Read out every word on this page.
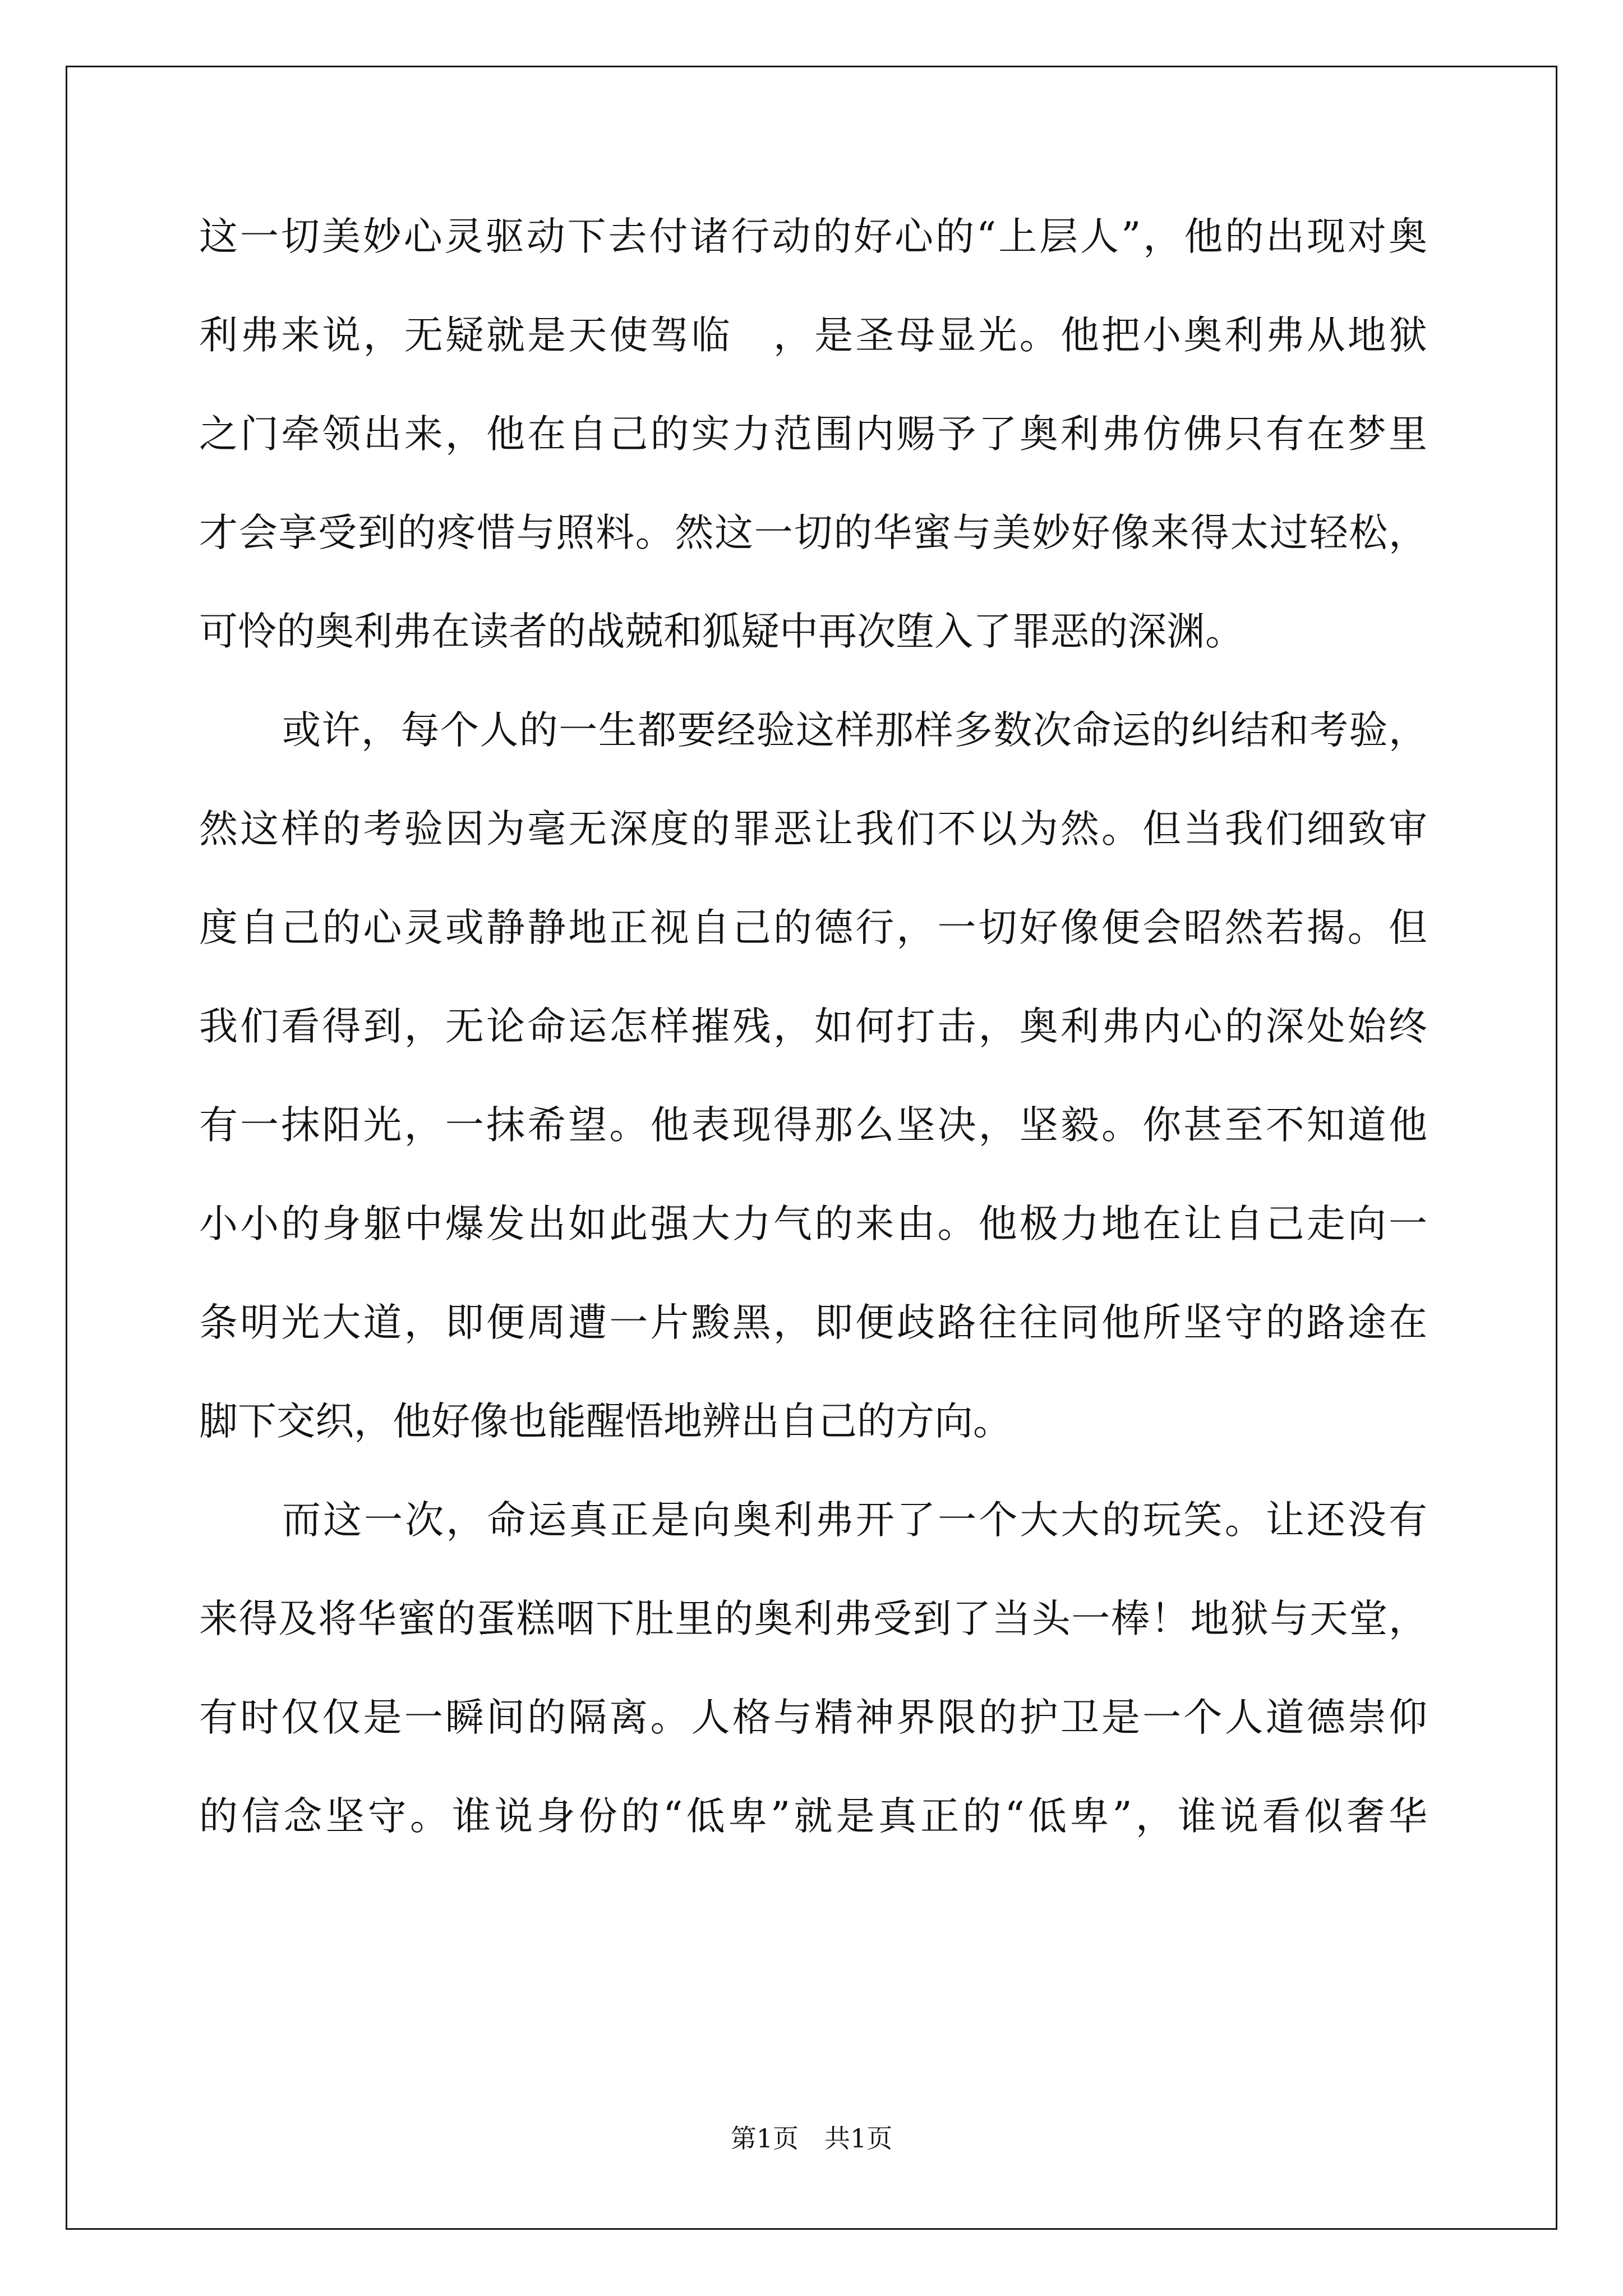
这一切美妙心灵驱动下去付诸行动的好心的“上层人”，他的出现对奥
利弗来说，无疑就是天使驾临　，是圣母显光。他把小奥利弗从地狱
之门牵领出来，他在自己的实力范围内赐予了奥利弗仿佛只有在梦里
才会享受到的疼惜与照料。然这一切的华蜜与美妙好像来得太过轻松，
可怜的奥利弗在读者的战兢和狐疑中再次堕入了罪恶的深渊。
或许，每个人的一生都要经验这样那样多数次命运的纠结和考验，
然这样的考验因为毫无深度的罪恶让我们不以为然。但当我们细致审
度自己的心灵或静静地正视自己的德行，一切好像便会昭然若揭。但
我们看得到，无论命运怎样摧残，如何打击，奥利弗内心的深处始终
有一抹阳光，一抹希望。他表现得那么坚决，坚毅。你甚至不知道他
小小的身躯中爆发出如此强大力气的来由。他极力地在让自己走向一
条明光大道，即便周遭一片黢黑，即便歧路往往同他所坚守的路途在
脚下交织，他好像也能醒悟地辨出自己的方向。
而这一次，命运真正是向奥利弗开了一个大大的玩笑。让还没有
来得及将华蜜的蛋糕咽下肚里的奥利弗受到了当头一棒！地狱与天堂，
有时仅仅是一瞬间的隔离。人格与精神界限的护卫是一个人道德崇仰
的信念坚守。谁说身份的“低卑”就是真正的“低卑”，谁说看似奢华
第1页　共1页
